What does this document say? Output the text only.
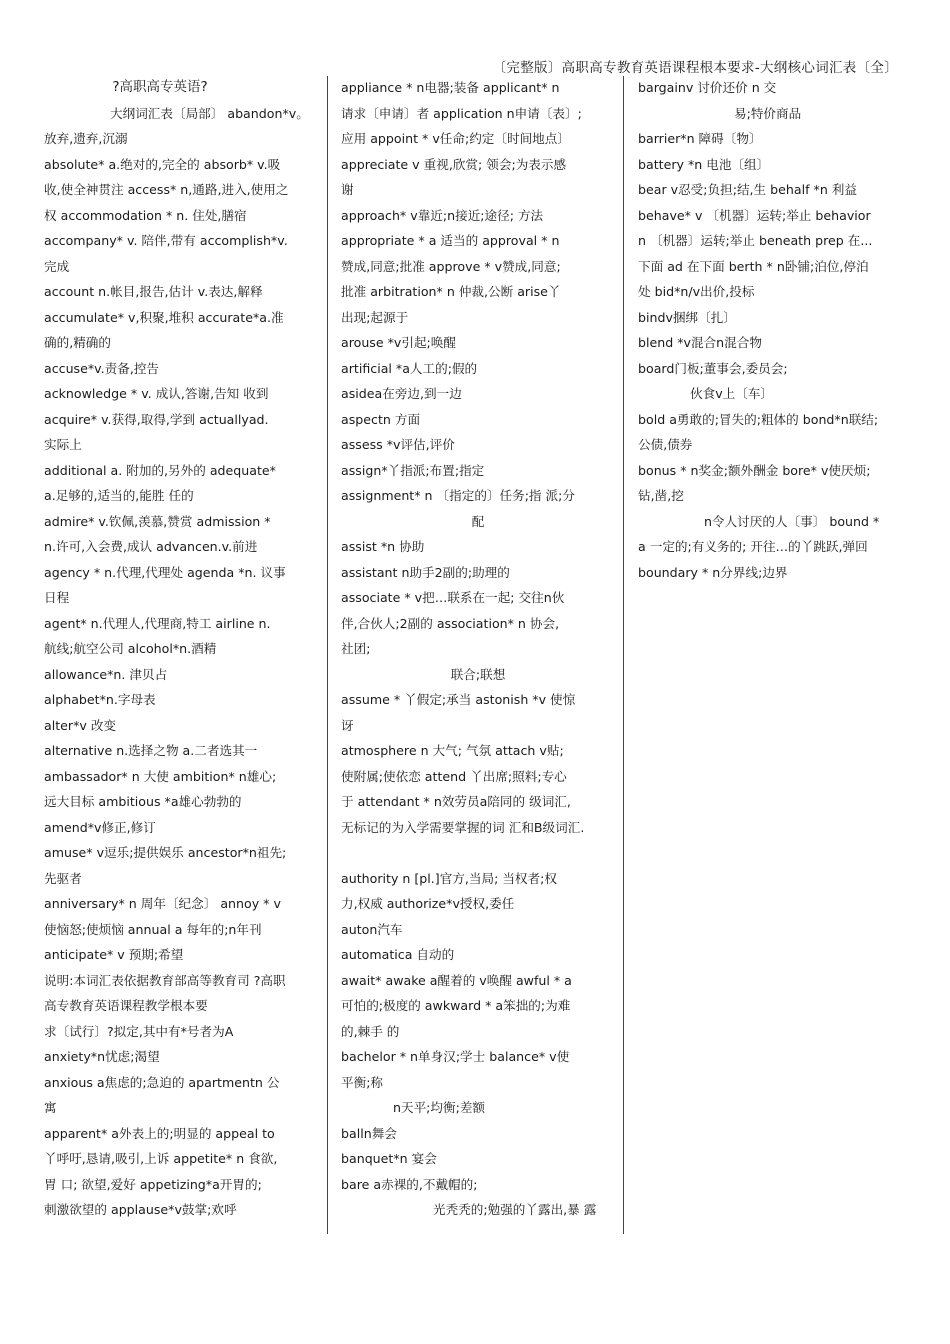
〔完整版〕高职高专教育英语课程根本要求-大纲核心词汇表〔全〕
?高职高专英语?
大纲词汇表〔局部〕 abandon*v。
放弃,遗弃,沉溺
absolute* a.绝对的,完全的 absorb* v.吸
收,使全神贯注 access* n,通路,进入,使用之
权 accommodation * n. 住处,膳宿
accompany* v. 陪伴,带有 accomplish*v.
完成
account n.帐目,报告,估计 v.表达,解释
accumulate* v,积聚,堆积 accurate*a.准
确的,精确的
accuse*v.责备,控告
acknowledge * v. 成认,答谢,告知 收到
acquire* v.获得,取得,学到 actuallyad.
实际上
additional a. 附加的,另外的 adequate*
a.足够的,适当的,能胜 任的
admire* v.钦佩,羡慕,赞赏 admission *
n.许可,入会费,成认 advancen.v.前进
agency * n.代理,代理处 agenda *n. 议事
日程
agent* n.代理人,代理商,特工 airline n.
航线;航空公司 alcohol*n.酒精
allowance*n. 津贝占
alphabet*n.字母表
alter*v 改变
alternative n.选择之物 a.二者选其一
ambassador* n 大使 ambition* n雄心;
远大目标 ambitious *a雄心勃勃的
amend*v修正,修订
amuse* v逗乐;提供娱乐 ancestor*n祖先;
先驱者
anniversary* n 周年〔纪念〕 annoy * v
使恼怒;使烦恼 annual a 每年的;n年刊
anticipate* v 预期;希望
说明:本词汇表依据教育部高等教育司 ?高职
高专教育英语课程教学根本要
求〔试行〕?拟定,其中有*号者为A
anxiety*n忧虑;渴望
anxious a焦虑的;急迫的 apartmentn 公
寓
apparent* a外表上的;明显的 appeal to
丫呼吁,恳请,吸引,上诉 appetite* n 食欲,
胃 口; 欲望,爱好 appetizing*a开胃的;
刺激欲望的 applause*v鼓掌;欢呼
appliance * n电器;装备 applicant* n
请求〔申请〕者 application n申请〔表〕;
应用 appoint * v任命;约定〔时间地点〕
appreciate v 重视,欣赏; 领会;为表示感
谢
approach* v靠近;n接近;途径; 方法
appropriate * a 适当的 approval * n
赞成,同意;批准 approve * v赞成,同意;
批准 arbitration* n 仲裁,公断 arise丫
出现;起源于
arouse *v引起;唤醒
artificial *a人工的;假的
asidea在旁边,到一边
aspectn 方面
assess *v评估,评价
assign*丫指派;布置;指定
assignment* n 〔指定的〕任务;指 派;分
配
assist *n 协助
assistant n助手2副的;助理的
associate * v把…联系在一起; 交往n伙
伴,合伙人;2副的 association* n 协会,
社团;
联合;联想
assume * 丫假定;承当 astonish *v 使惊
讶
atmosphere n 大气; 气氛 attach v贴;
使附属;使依恋 attend 丫出席;照料;专心
于 attendant * n效劳员a陪同的 级词汇,
无标记的为入学需要掌握的词 汇和B级词汇.
authority n [pl.]官方,当局; 当权者;权
力,权威 authorize*v授权,委任
auton汽车
automatica 自动的
await* awake a醒着的 v唤醒 awful * a
可怕的;极度的 awkward * a笨拙的;为难
的,棘手 的
bachelor * n单身汉;学士 balance* v使
平衡;称
n天平;均衡;差额
balln舞会
banquet*n 宴会
bare a赤裸的,不戴帽的;
光秃秃的;勉强的丫露出,暴 露
bargainv 讨价还价 n 交
易;特价商品
barrier*n 障碍〔物〕
battery *n 电池〔组〕
bear v忍受;负担;结,生 behalf *n 利益
behave* v 〔机器〕运转;举止 behavior
n 〔机器〕运转;举止 beneath prep 在...
下面 ad 在下面 berth * n卧铺;泊位,停泊
处 bid*n/v出价,投标
bindv捆绑〔扎〕
blend *v混合n混合物
board门板;董事会,委员会;
伙食v上〔车〕
bold a勇敢的;冒失的;粗体的 bond*n联结;
公债,债券
bonus * n奖金;额外酬金 bore* v使厌烦;
钻,凿,挖
n令人讨厌的人〔事〕 bound *
a 一定的;有义务的; 开往…的丫跳跃,弹回
boundary * n分界线;边界
